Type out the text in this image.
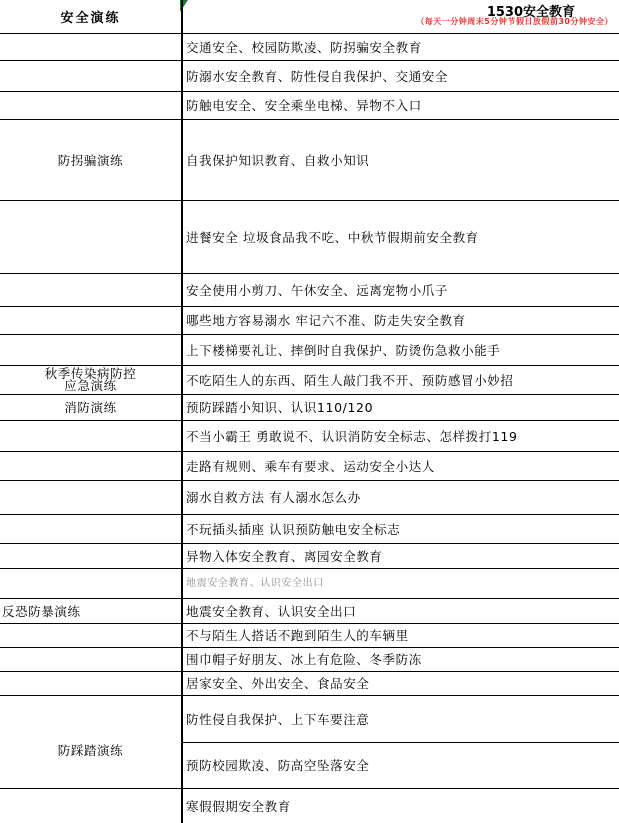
安全演练	1530安全教育
（每天一分钟周末5分钟节假日放假前30分钟安全）
防拐骗演练
秋季传染病防控
应急演练
消防演练
反恐防暴演练
防踩踏演练
交通安全、校园防欺凌、防拐骗安全教育
防溺水安全教育、防性侵自我保护、交通安全
防触电安全、安全乘坐电梯、异物不入口
自我保护知识教育、自救小知识
进餐安全 垃圾食品我不吃、中秋节假期前安全教育
安全使用小剪刀、午休安全、远离宠物小爪子
哪些地方容易溺水 牢记六不准、防走失安全教育
上下楼梯要礼让、摔倒时自我保护、防烫伤急救小能手
不吃陌生人的东西、陌生人敲门我不开、预防感冒小妙招
预防踩踏小知识、认识110/120
不当小霸王 勇敢说不、认识消防安全标志、怎样拨打119
走路有规则、乘车有要求、运动安全小达人
溺水自救方法 有人溺水怎么办
不玩插头插座 认识预防触电安全标志
异物入体安全教育、离园安全教育
地震安全教育、认识安全出口
地震安全教育、认识安全出口
不与陌生人搭话不跑到陌生人的车辆里
围巾帽子好朋友、冰上有危险、冬季防冻
居家安全、外出安全、食品安全
防性侵自我保护、上下车要注意
预防校园欺凌、防高空坠落安全
寒假假期安全教育
